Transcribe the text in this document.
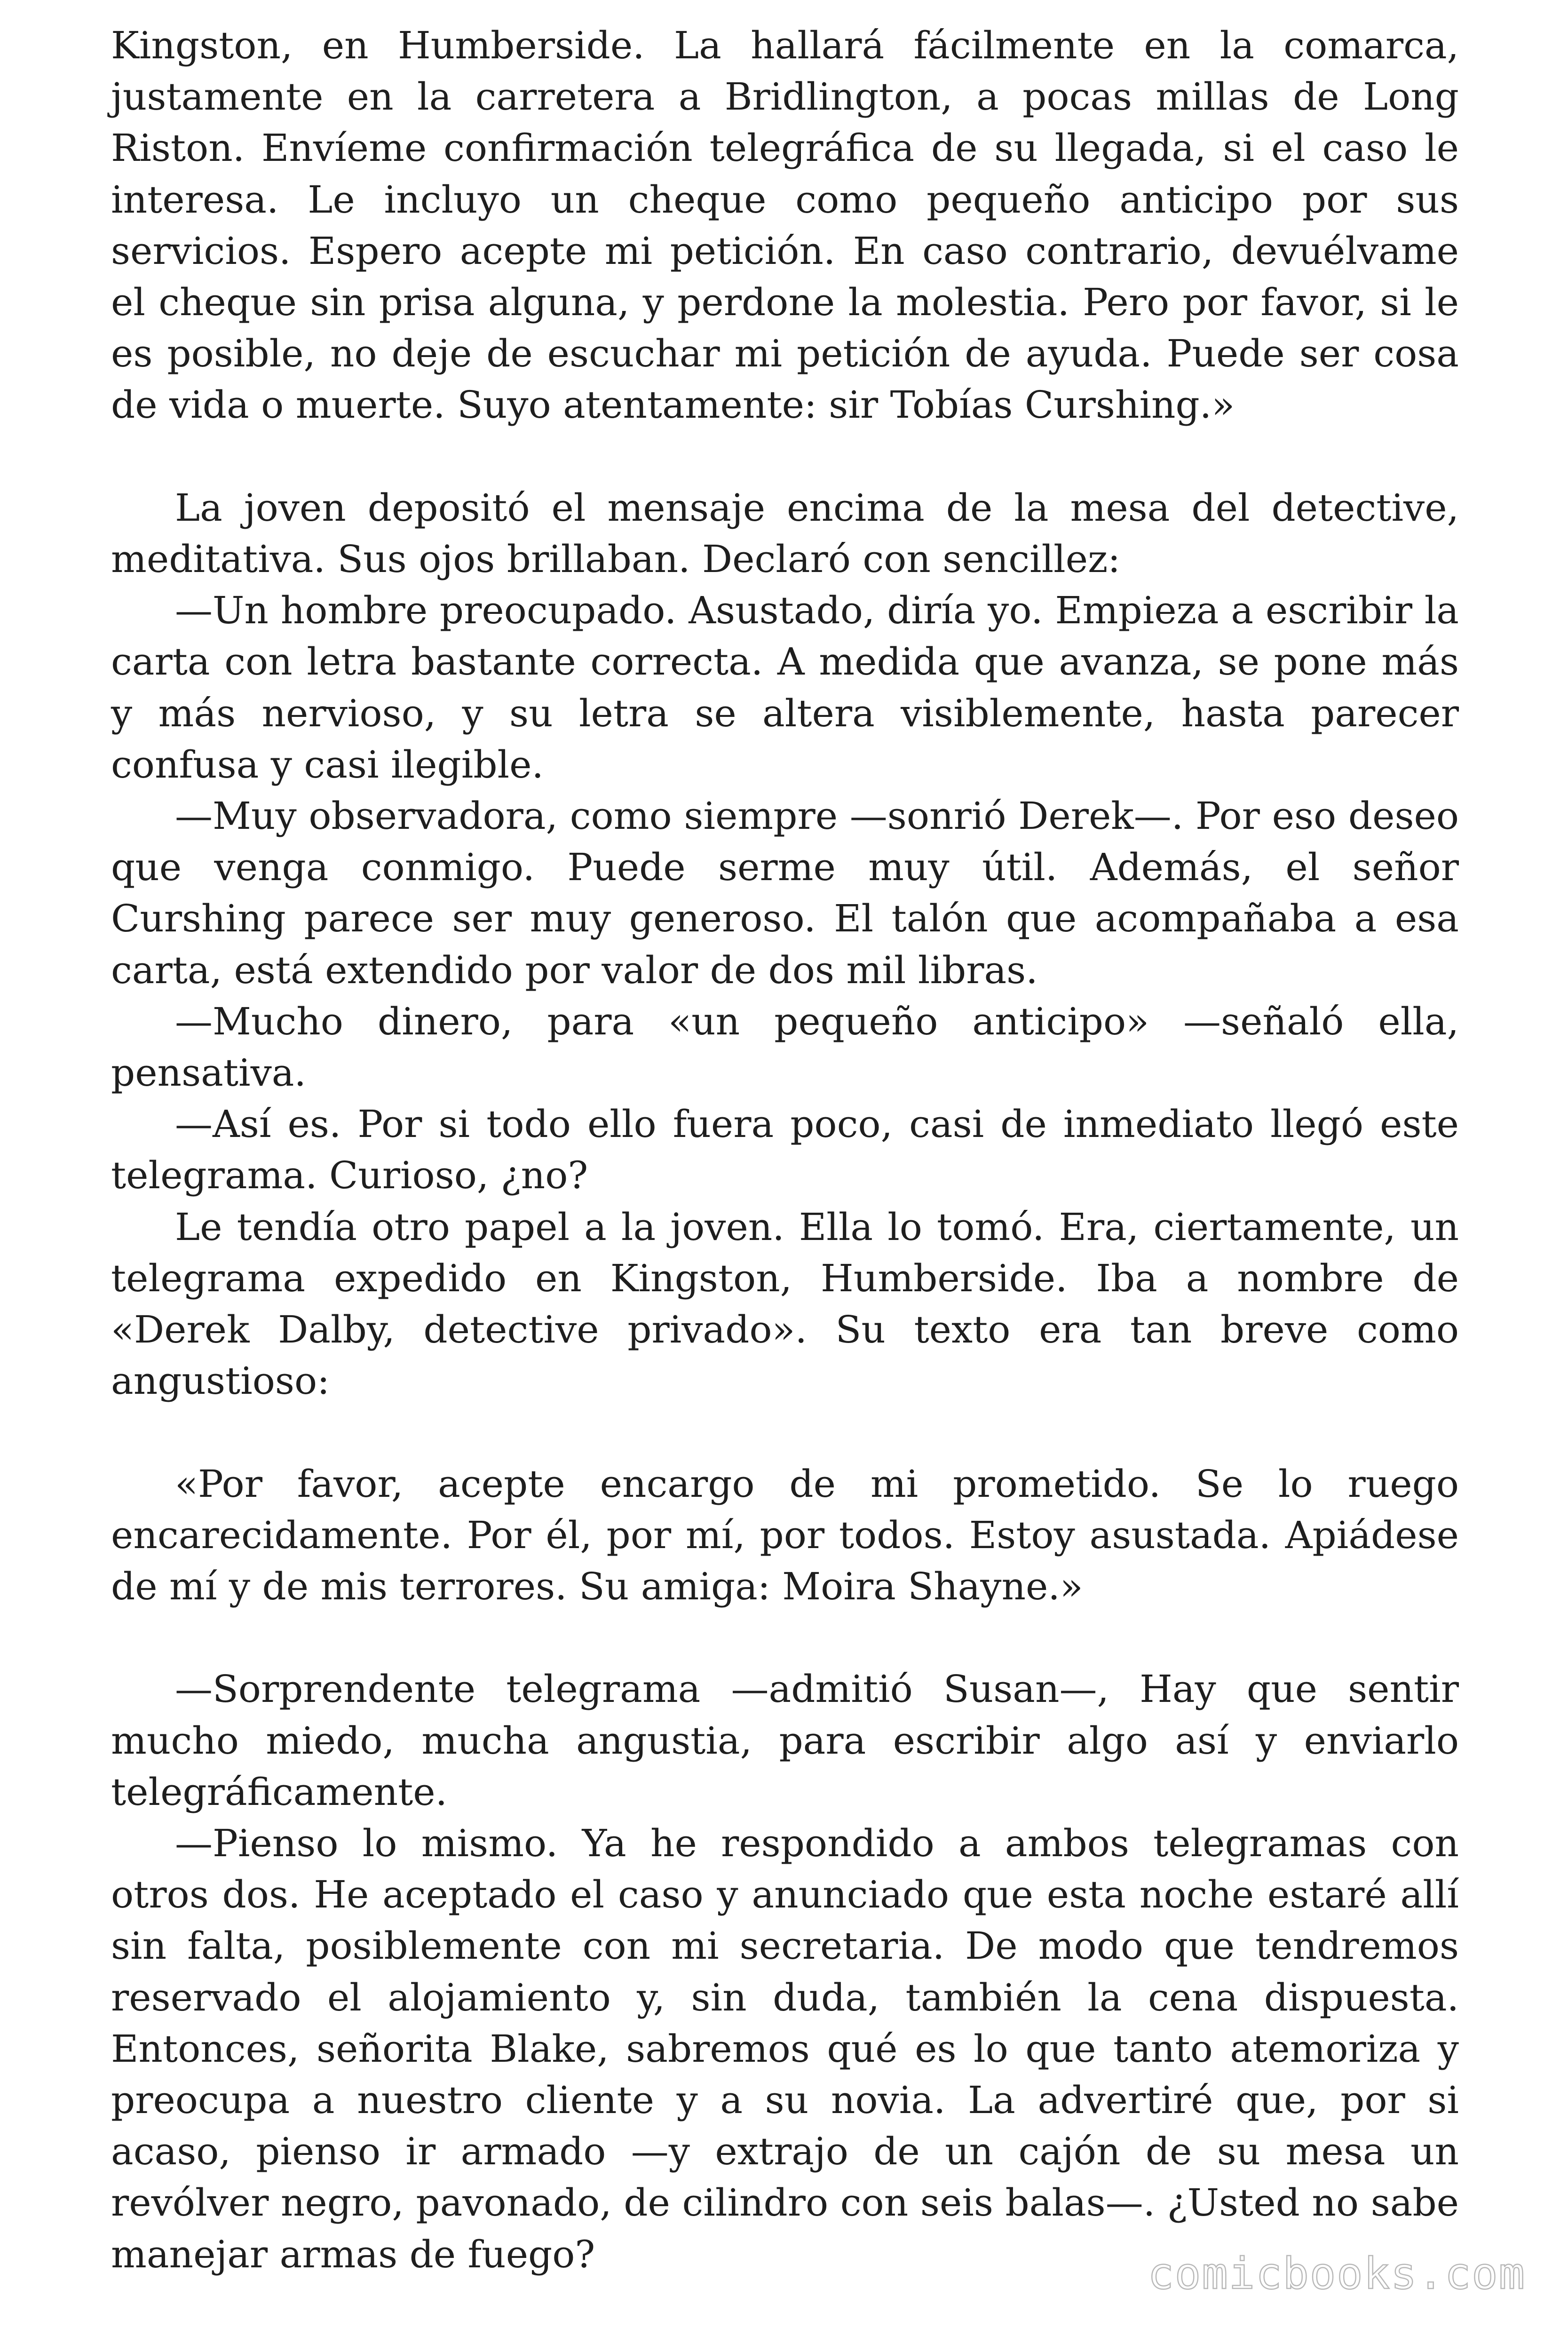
Kingston, en Humberside. La hallará fácilmente en la comarca, justamente en la carretera a Bridlington, a pocas millas de Long Riston. Envíeme confirmación telegráfica de su llegada, si el caso le interesa. Le incluyo un cheque como pequeño anticipo por sus servicios. Espero acepte mi petición. En caso contrario, devuélvame el cheque sin prisa alguna, y perdone la molestia. Pero por favor, si le es posible, no deje de escuchar mi petición de ayuda. Puede ser cosa de vida o muerte. Suyo atentamente: sir Tobías Curshing.»

La joven depositó el mensaje encima de la mesa del detective, meditativa. Sus ojos brillaban. Declaró con sencillez:

—Un hombre preocupado. Asustado, diría yo. Empieza a escribir la carta con letra bastante correcta. A medida que avanza, se pone más y más nervioso, y su letra se altera visiblemente, hasta parecer confusa y casi ilegible.

—Muy observadora, como siempre —sonrió Derek—. Por eso deseo que venga conmigo. Puede serme muy útil. Además, el señor Curshing parece ser muy generoso. El talón que acompañaba a esa carta, está extendido por valor de dos mil libras.

—Mucho dinero, para «un pequeño anticipo» —señaló ella, pensativa.

—Así es. Por si todo ello fuera poco, casi de inmediato llegó este telegrama. Curioso, ¿no?

Le tendía otro papel a la joven. Ella lo tomó. Era, ciertamente, un telegrama expedido en Kingston, Humberside. Iba a nombre de «Derek Dalby, detective privado». Su texto era tan breve como angustioso:

«Por favor, acepte encargo de mi prometido. Se lo ruego encarecidamente. Por él, por mí, por todos. Estoy asustada. Apiádese de mí y de mis terrores. Su amiga: Moira Shayne.»

—Sorprendente telegrama —admitió Susan—, Hay que sentir mucho miedo, mucha angustia, para escribir algo así y enviarlo telegráficamente.

—Pienso lo mismo. Ya he respondido a ambos telegramas con otros dos. He aceptado el caso y anunciado que esta noche estaré allí sin falta, posiblemente con mi secretaria. De modo que tendremos reservado el alojamiento y, sin duda, también la cena dispuesta. Entonces, señorita Blake, sabremos qué es lo que tanto atemoriza y preocupa a nuestro cliente y a su novia. La advertiré que, por si acaso, pienso ir armado —y extrajo de un cajón de su mesa un revólver negro, pavonado, de cilindro con seis balas—. ¿Usted no sabe manejar armas de fuego?	comicbooks.com
